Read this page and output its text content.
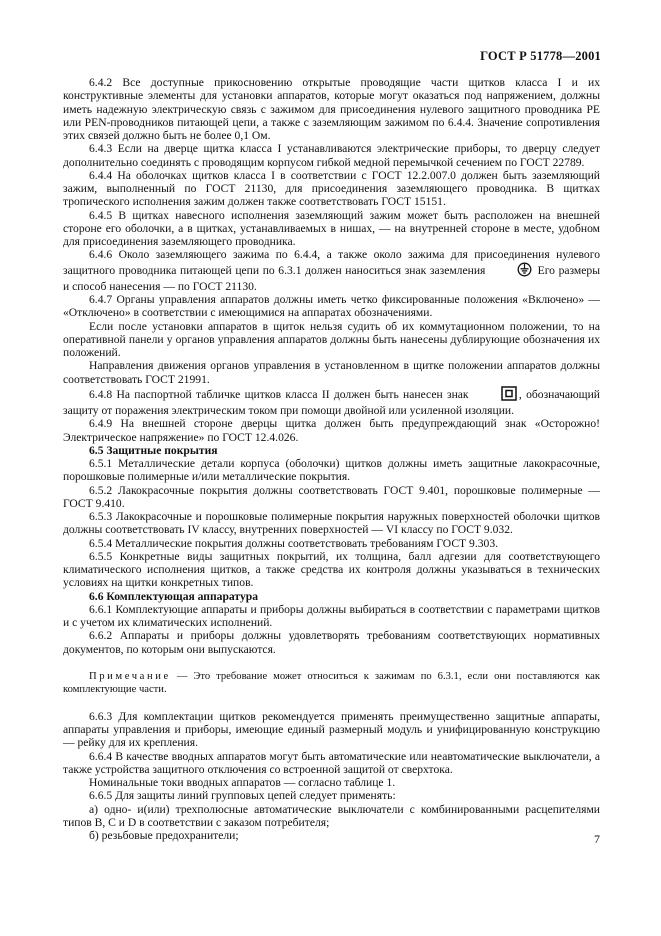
ГОСТ Р 51778—2001

6.4.2 Все доступные прикосновению открытые проводящие части щитков класса I и их конструктивные элементы для установки аппаратов, которые могут оказаться под напряжением, должны иметь надежную электрическую связь с зажимом для присоединения нулевого защитного проводника РЕ или PEN-проводников питающей цепи, а также с заземляющим зажимом по 6.4.4. Значение сопротивления этих связей должно быть не более 0,1 Ом.

6.4.3 Если на дверце щитка класса I устанавливаются электрические приборы, то дверцу следует дополнительно соединять с проводящим корпусом гибкой медной перемычкой сечением по ГОСТ 22789.

6.4.4 На оболочках щитков класса I в соответствии с ГОСТ 12.2.007.0 должен быть заземляющий зажим, выполненный по ГОСТ 21130, для присоединения заземляющего проводника. В щитках тропического исполнения зажим должен также соответствовать ГОСТ 15151.

6.4.5 В щитках навесного исполнения заземляющий зажим может быть расположен на внешней стороне его оболочки, а в щитках, устанавливаемых в нишах, — на внутренней стороне в месте, удобном для присоединения заземляющего проводника.

6.4.6 Около заземляющего зажима по 6.4.4, а также около зажима для присоединения нулевого защитного проводника питающей цепи по 6.3.1 должен наноситься знак заземления	Его размеры и способ нанесения — по ГОСТ 21130.

6.4.7 Органы управления аппаратов должны иметь четко фиксированные положения «Включено» — «Отключено» в соответствии с имеющимися на аппаратах обозначениями.

Если после установки аппаратов в щиток нельзя судить об их коммутационном положении, то на оперативной панели у органов управления аппаратов должны быть нанесены дублирующие обозначения их положений.

Направления движения органов управления в установленном в щитке положении аппаратов должны соответствовать ГОСТ 21991.

6.4.8 На паспортной табличке щитков класса II должен быть нанесен знак	, обозначающий защиту от поражения электрическим током при помощи двойной или усиленной изоляции.

6.4.9 На внешней стороне дверцы щитка должен быть предупреждающий знак «Осторожно! Электрическое напряжение» по ГОСТ 12.4.026.

6.5 Защитные покрытия

6.5.1 Металлические детали корпуса (оболочки) щитков должны иметь защитные лакокрасочные, порошковые полимерные и/или металлические покрытия.

6.5.2 Лакокрасочные покрытия должны соответствовать ГОСТ 9.401, порошковые полимерные — ГОСТ 9.410.

6.5.3 Лакокрасочные и порошковые полимерные покрытия наружных поверхностей оболочки щитков должны соответствовать IV классу, внутренних поверхностей — VI классу по ГОСТ 9.032.

6.5.4 Металлические покрытия должны соответствовать требованиям ГОСТ 9.303.

6.5.5 Конкретные виды защитных покрытий, их толщина, балл адгезии для соответствующего климатического исполнения щитков, а также средства их контроля должны указываться в технических условиях на щитки конкретных типов.

6.6 Комплектующая аппаратура

6.6.1 Комплектующие аппараты и приборы должны выбираться в соответствии с параметрами щитков и с учетом их климатических исполнений.

6.6.2 Аппараты и приборы должны удовлетворять требованиям соответствующих нормативных документов, по которым они выпускаются.

Примечание — Это требование может относиться к зажимам по 6.3.1, если они поставляются как комплектующие части.

6.6.3 Для комплектации щитков рекомендуется применять преимущественно защитные аппараты, аппараты управления и приборы, имеющие единый размерный модуль и унифицированную конструкцию — рейку для их крепления.

6.6.4 В качестве вводных аппаратов могут быть автоматические или неавтоматические выключатели, а также устройства защитного отключения со встроенной защитой от сверхтока.

Номинальные токи вводных аппаратов — согласно таблице 1.

6.6.5 Для защиты линий групповых цепей следует применять:

а) одно- и(или) трехполюсные автоматические выключатели с комбинированными расцепителями типов В, С и D в соответствии с заказом потребителя;

б) резьбовые предохранители;	7
